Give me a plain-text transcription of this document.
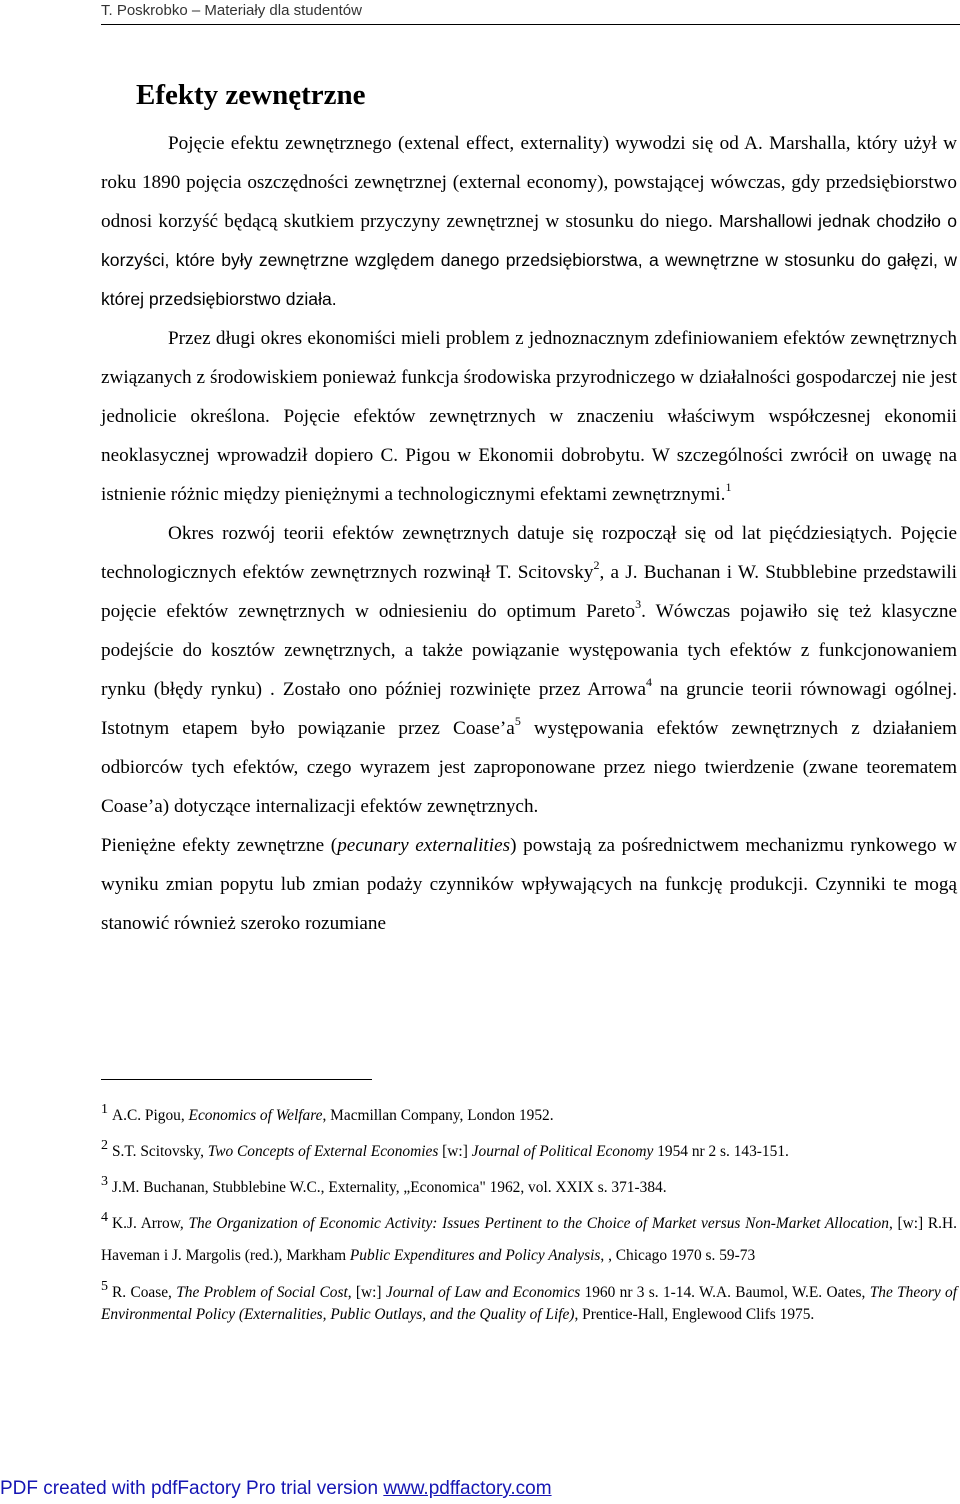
T. Poskrobko – Materiały dla studentów
Efekty zewnętrzne

Pojęcie efektu zewnętrznego (extenal effect, externality) wywodzi się od A. Marshalla, który użył w roku 1890 pojęcia oszczędności zewnętrznej (external economy), powstającej wówczas, gdy przedsiębiorstwo odnosi korzyść będącą skutkiem przyczyny zewnętrznej w stosunku do niego. Marshallowi jednak chodziło o korzyści, które były zewnętrzne względem danego przedsiębiorstwa, a wewnętrzne w stosunku do gałęzi, w której przedsiębiorstwo działa.

Przez długi okres ekonomiści mieli problem z jednoznacznym zdefiniowaniem efektów zewnętrznych związanych z środowiskiem ponieważ funkcja środowiska przyrodniczego w działalności gospodarczej nie jest jednolicie określona. Pojęcie efektów zewnętrznych w znaczeniu właściwym współczesnej ekonomii neoklasycznej wprowadził dopiero C. Pigou w Ekonomii dobrobytu. W szczególności zwrócił on uwagę na istnienie różnic między pieniężnymi a technologicznymi efektami zewnętrznymi.$^1$

Okres rozwój teorii efektów zewnętrznych datuje się rozpoczął się od lat pięćdziesiątych. Pojęcie technologicznych efektów zewnętrznych rozwinął T. Scitovsky$^2$, a J. Buchanan i W. Stubblebine przedstawili pojęcie efektów zewnętrznych w odniesieniu do optimum Pareto$^3$. Wówczas pojawiło się też klasyczne podejście do kosztów zewnętrznych, a także powiązanie występowania tych efektów z funkcjonowaniem rynku (błędy rynku) . Zostało ono później rozwinięte przez Arrowa$^4$ na gruncie teorii równowagi ogólnej. Istotnym etapem było powiązanie przez $Coase’a^5$ występowania efektów zewnętrznych z działaniem odbiorców tych efektów, czego wyrazem jest zaproponowane przez niego twierdzenie (zwane teorematem Coase’a) dotyczące internalizacji efektów zewnętrznych.

Pieniężne efekty zewnętrzne (pecunary externalities) powstają za pośrednictwem mechanizmu rynkowego w wyniku zmian popytu lub zmian podaży czynników wpływających na funkcję produkcji. Czynniki te mogą stanowić również szeroko rozumiane

$^1$ A.C. Pigou, Economics of Welfare, Macmillan Company, London 1952.

$^2$ S.T. Scitovsky, Two Concepts of External Economies [w:] Journal of Political Economy 1954 nr 2 s. 143-151.

$^3$ J.M. Buchanan, Stubblebine W.C., Externality, „Economica" 1962, vol. XXIX s. 371-384.

$^4$ K.J. Arrow, The Organization of Economic Activity: Issues Pertinent to the Choice of Market versus Non-Market Allocation, [w:] R.H. Haveman i J. Margolis (red.), Markham Public Expenditures and Policy Analysis, , Chicago 1970 s. 59-73

$^5$ R. Coase, The Problem of Social Cost, [w:] Journal of Law and Economics 1960 nr 3 s. 1-14. W.A. Baumol, W.E. Oates, The Theory of Environmental Policy (Externalities, Public Outlays, and the Quality of Life), Prentice-Hall, Englewood Clifs 1975.

PDF created with pdfFactory Pro trial version www.pdffactory.com
